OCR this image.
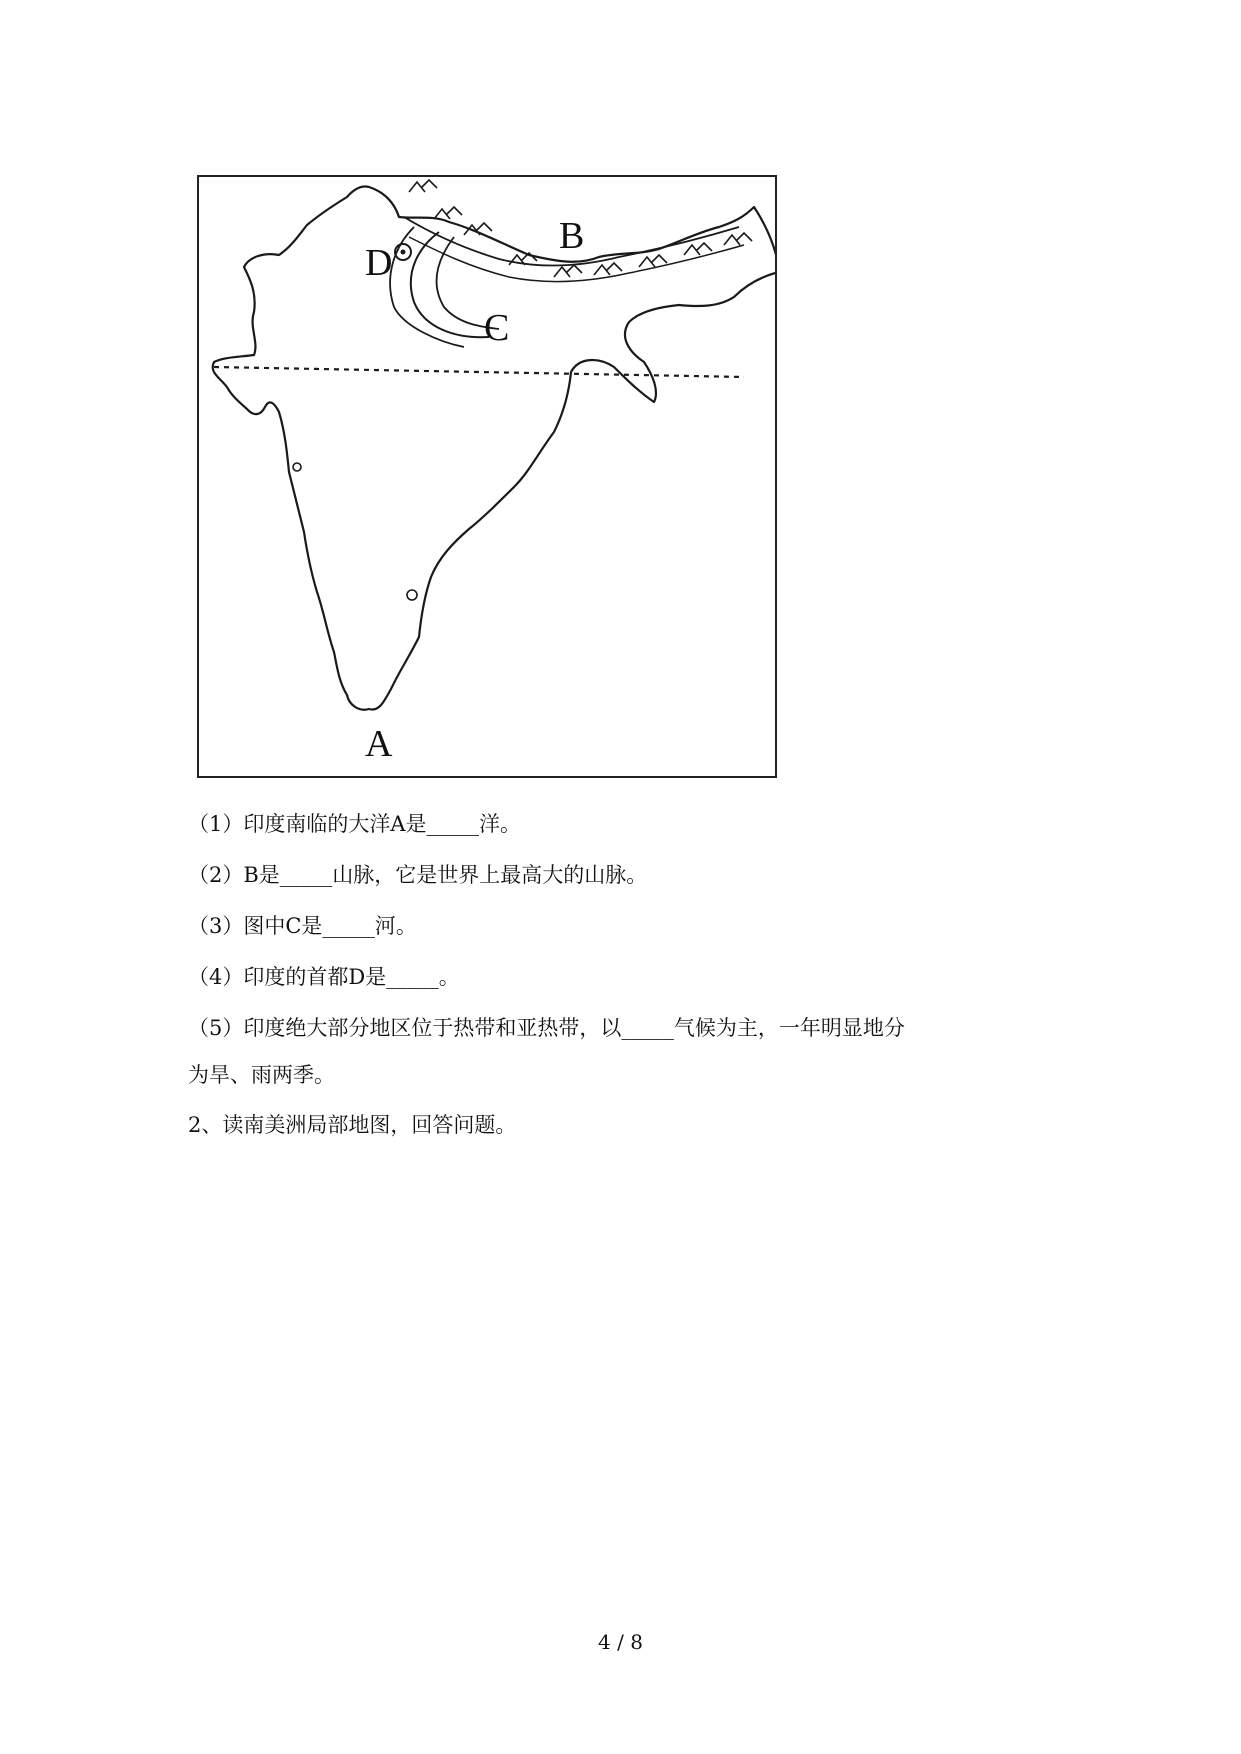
B
D
C
A
（1）印度南临的大洋A是_____洋。
（2）B是_____山脉，它是世界上最高大的山脉。
（3）图中C是_____河。
（4）印度的首都D是_____。
（5）印度绝大部分地区位于热带和亚热带，以_____气候为主，一年明显地分
为旱、雨两季。
2、读南美洲局部地图，回答问题。
4 / 8
